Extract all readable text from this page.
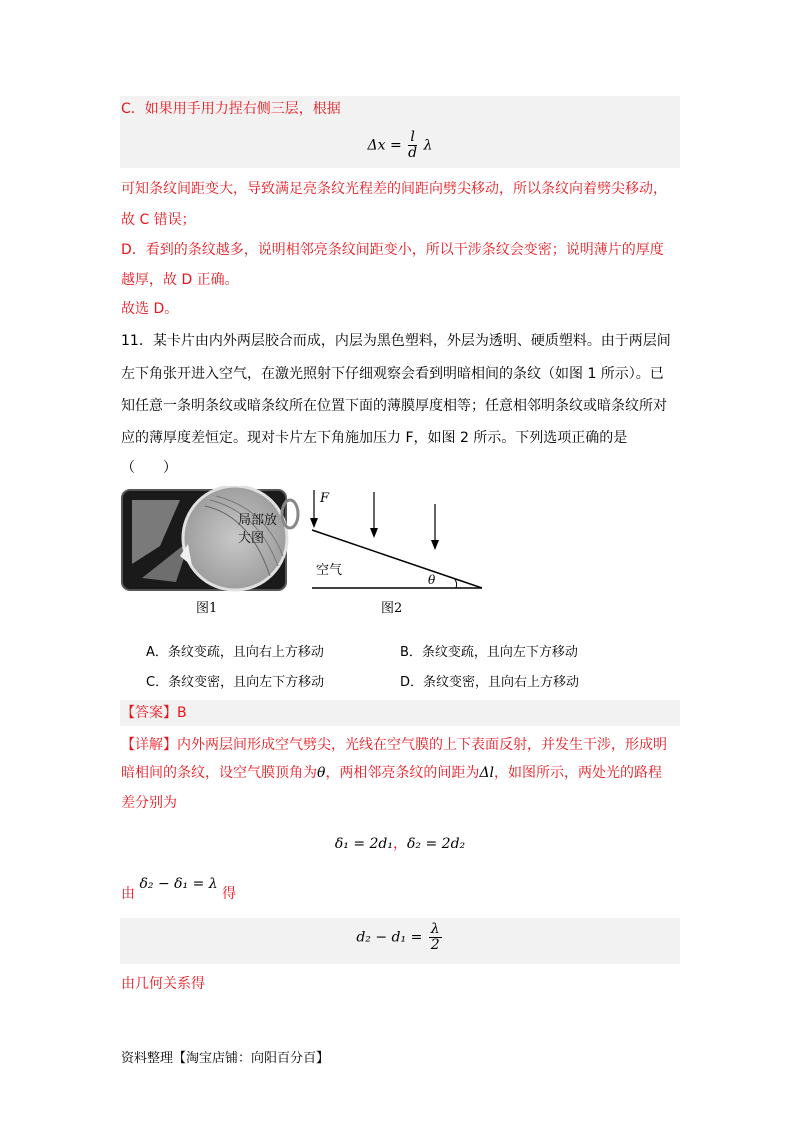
C．如果用手用力捏右侧三层，根据
$\Delta x = \frac{l}{d}$ λ
可知条纹间距变大，导致满足亮条纹光程差的间距向劈尖移动，所以条纹向着劈尖移动，
故 C 错误；
D．看到的条纹越多，说明相邻亮条纹间距变小，所以干涉条纹会变密；说明薄片的厚度
越厚，故 D 正确。
故选 D。
11．某卡片由内外两层胶合而成，内层为黑色塑料，外层为透明、硬质塑料。由于两层间
左下角张开进入空气，在激光照射下仔细观察会看到明暗相间的条纹（如图 1 所示）。已
知任意一条明条纹或暗条纹所在位置下面的薄膜厚度相等；任意相邻明条纹或暗条纹所对
应的薄厚度差恒定。现对卡片左下角施加压力 F，如图 2 所示。下列选项正确的是
（　　）
局部放
大图
图1
F
空气
θ
图2
A．条纹变疏，且向右上方移动	B．条纹变疏，且向左下方移动
C．条纹变密，且向左下方移动	D．条纹变密，且向右上方移动
【答案】B
【详解】内外两层间形成空气劈尖，光线在空气膜的上下表面反射，并发生干涉，形成明
暗相间的条纹，设空气膜顶角为θ，两相邻亮条纹的间距为Δl，如图所示，两处光的路程
差分别为
δ₁ = 2d₁，δ₂ = 2d₂
由 δ₂ − δ₁ = λ 得
$d_2 - d_1 = \frac{\lambda}{2}$
由几何关系得
资料整理【淘宝店铺：向阳百分百】
